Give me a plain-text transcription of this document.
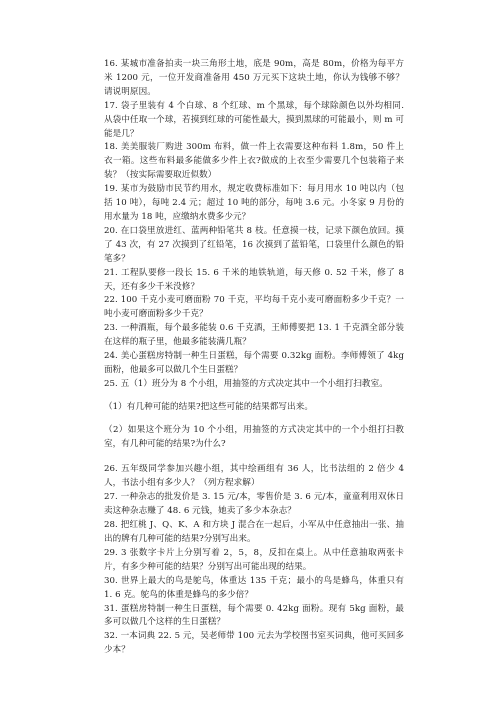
16. 某城市准备拍卖一块三角形土地，底是 90m，高是 80m，价格为每平方米 1200 元，一位开发商准备用 450 万元买下这块土地，你认为钱够不够？请说明原因。

17. 袋子里装有 4 个白球、8 个红球、m 个黑球，每个球除颜色以外均相同. 从袋中任取一个球，若摸到红球的可能性最大，摸到黑球的可能最小，则 m 可能是几？

18. 美美服装厂购进 300m 布料，做一件上衣需要这种布料 1.8m，50 件上衣一箱。这些布料最多能做多少件上衣?做成的上衣至少需要几个包装箱子来装？（按实际需要取近似数）

19. 某市为鼓励市民节约用水，规定收费标准如下：每月用水 10 吨以内（包括 10 吨），每吨 2.4 元；超过 10 吨的部分，每吨 3.6 元。小冬家 9 月份的用水量为 18 吨，应缴纳水费多少元？

20. 在口袋里放进红、蓝两种铅笔共 8 枝。任意摸一枝，记录下颜色放回。摸了 43 次，有 27 次摸到了红铅笔，16 次摸到了蓝铅笔，口袋里什么颜色的铅笔多？

21. 工程队要修一段长 15. 6 千米的地铁轨道，每天修 0. 52 千米，修了 8 天，还有多少千米没修？

22. 100 千克小麦可磨面粉 70 千克，平均每千克小麦可磨面粉多少千克？一吨小麦可磨面粉多少千克？

23. 一种酒瓶，每个最多能装 0.6 千克酒，王师傅要把 13. 1 千克酒全部分装在这样的瓶子里，他最多能装满几瓶？

24. 美心蛋糕房特制一种生日蛋糕，每个需要 0.32kg 面粉。李师傅领了 4kg 面粉，他最多可以做几个生日蛋糕？

25. 五（1）班分为 8 个小组，用抽签的方式决定其中一个小组打扫教室。

（1）有几种可能的结果?把这些可能的结果都写出来。

（2）如果这个班分为 10 个小组，用抽签的方式决定其中的一个小组打扫教室，有几种可能的结果?为什么?

26. 五年级同学参加兴趣小组，其中绘画组有 36 人，比书法组的 2 倍少 4 人，书法小组有多少人？（列方程求解）

27. 一种杂志的批发价是 3. 15 元/本，零售价是 3. 6 元/本，童童利用双休日卖这种杂志赚了 48. 6 元钱，她卖了多少本杂志？

28. 把红桃 J、Q、K、A 和方块 J 混合在一起后，小军从中任意抽出一张、抽出的牌有几种可能的结果?分别写出来。

29. 3 张数字卡片上分别写着 2，5，8，反扣在桌上。从中任意抽取两张卡片，有多少种可能的结果？分别写出可能出现的结果。

30. 世界上最大的鸟是鸵鸟，体重达 135 千克；最小的鸟是蜂鸟，体重只有 1. 6 克。鸵鸟的体重是蜂鸟的多少倍？

31. 蛋糕房特制一种生日蛋糕，每个需要 0. 42kg 面粉。现有 5kg 面粉，最多可以做几个这样的生日蛋糕？

32. 一本词典 22. 5 元，吴老师带 100 元去为学校图书室买词典，他可买回多少本？
